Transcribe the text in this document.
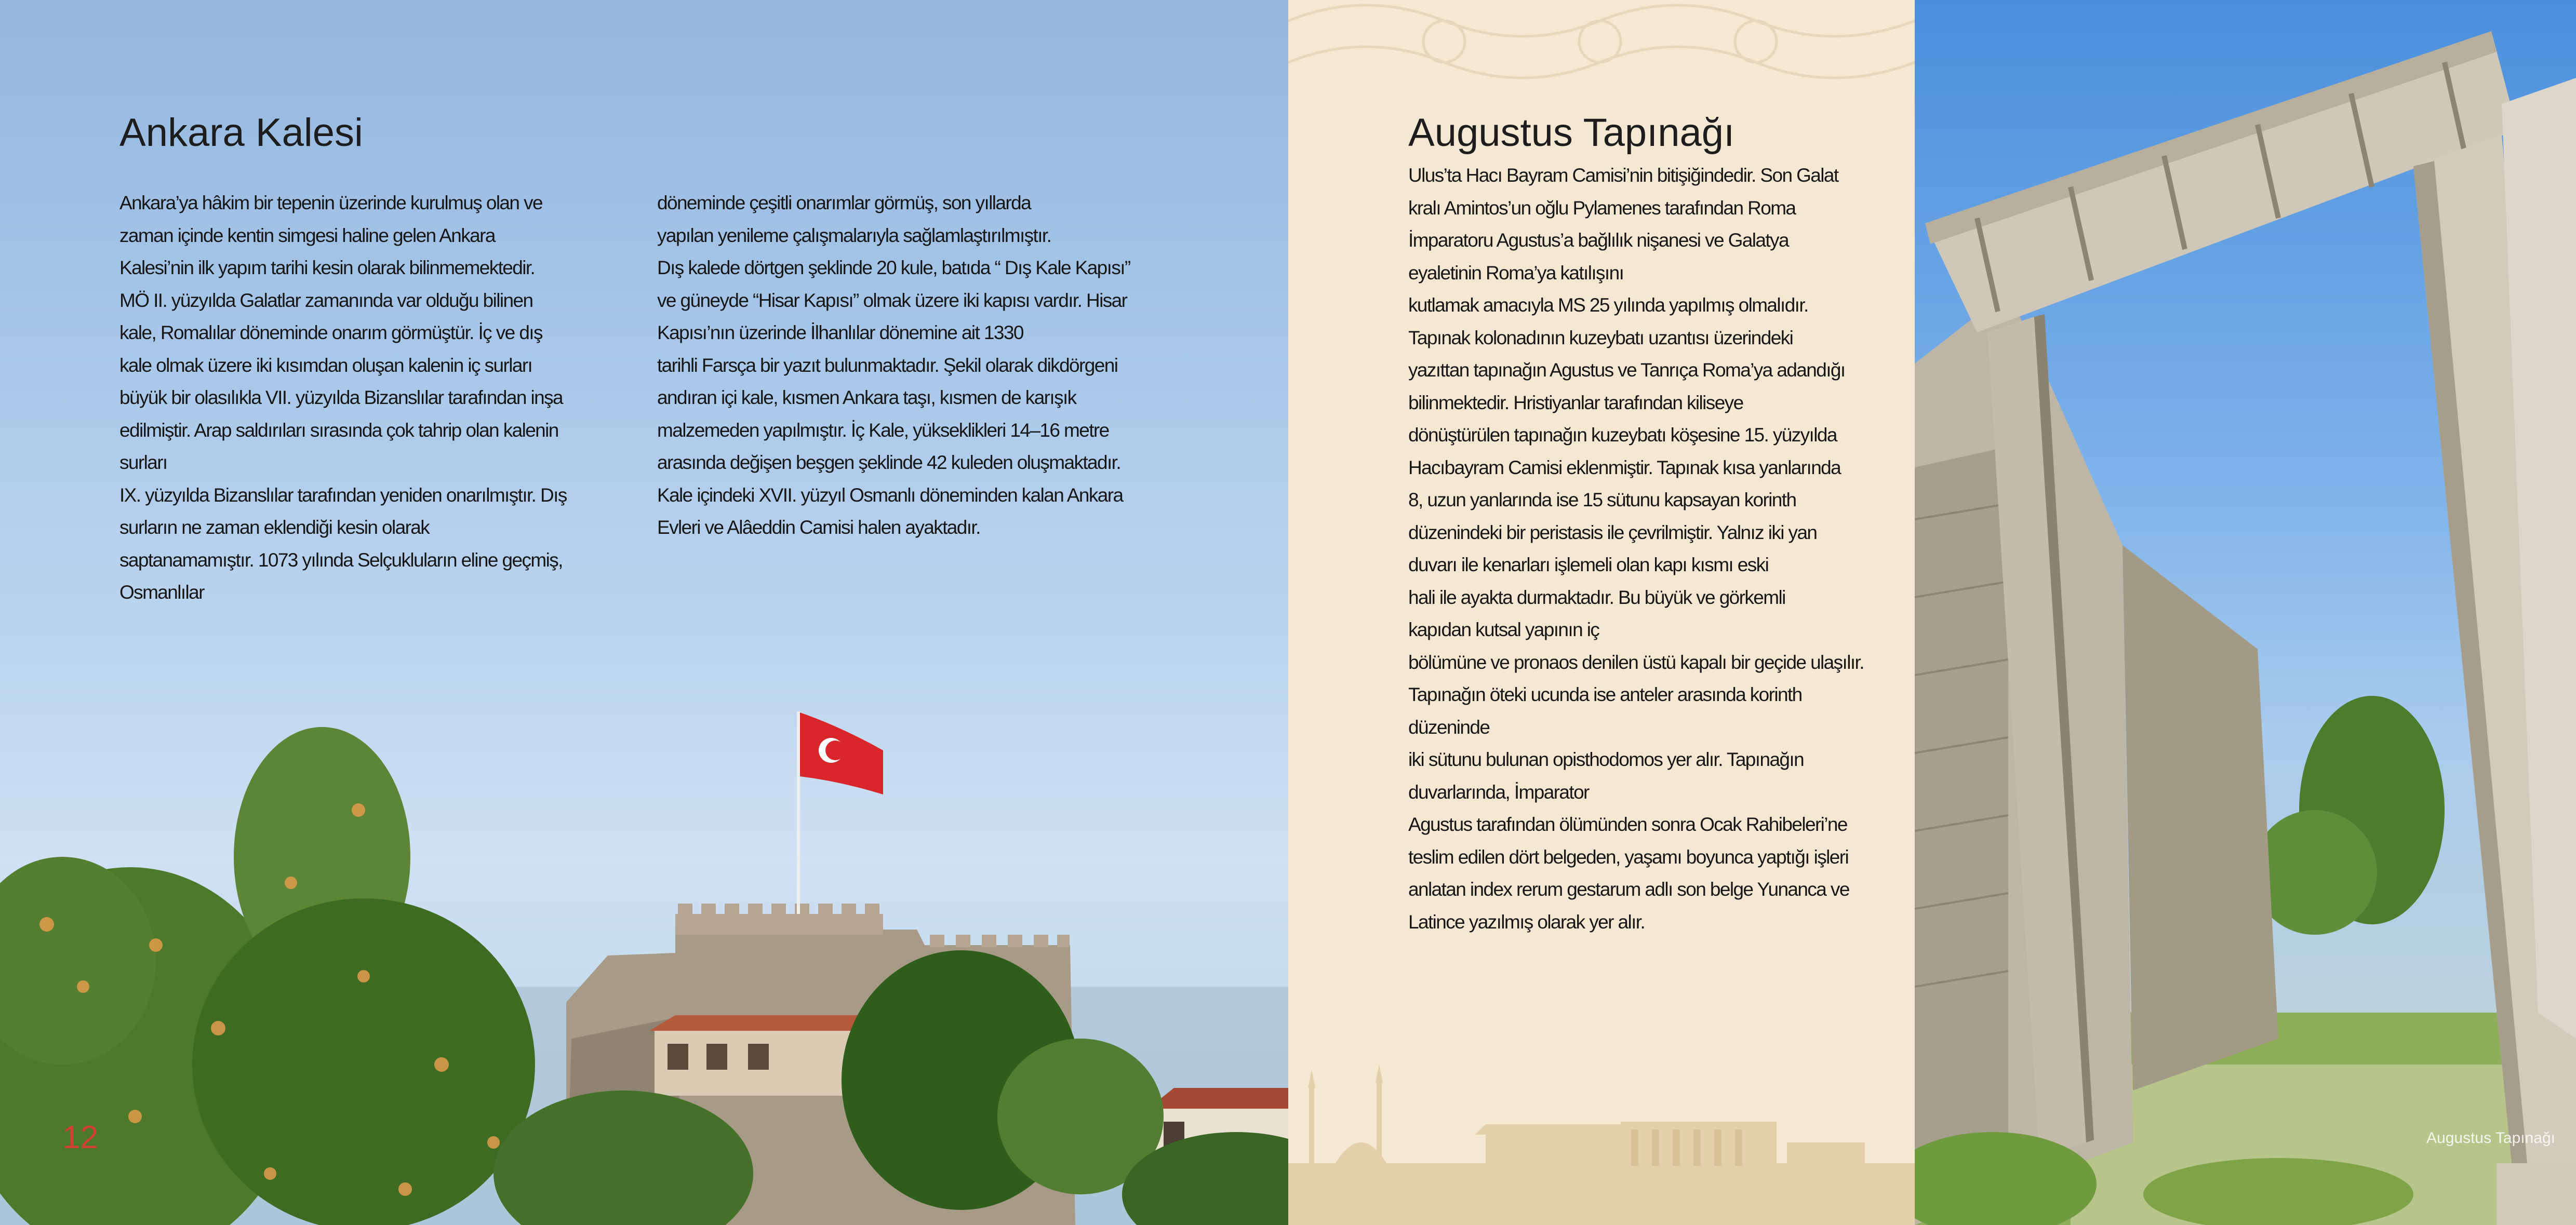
Ankara Kalesi

Ankara’ya hâkim bir tepenin üzerinde kurulmuş olan ve

zaman içinde kentin simgesi haline gelen Ankara

Kalesi’nin ilk yapım tarihi kesin olarak bilinmemektedir.

MÖ II. yüzyılda Galatlar zamanında var olduğu bilinen

kale, Romalılar döneminde onarım görmüştür. İç ve dış

kale olmak üzere iki kısımdan oluşan kalenin iç surları

büyük bir olasılıkla VII. yüzyılda Bizanslılar tarafından inşa

edilmiştir. Arap saldırıları sırasında çok tahrip olan kalenin

surları

IX. yüzyılda Bizanslılar tarafından yeniden onarılmıştır. Dış

surların ne zaman eklendiği kesin olarak

saptanamamıştır. 1073 yılında Selçukluların eline geçmiş,

Osmanlılar

döneminde çeşitli onarımlar görmüş, son yıllarda

yapılan yenileme çalışmalarıyla sağlamlaştırılmıştır.

Dış kalede dörtgen şeklinde 20 kule, batıda “ Dış Kale Kapısı”

ve güneyde “Hisar Kapısı” olmak üzere iki kapısı vardır. Hisar

Kapısı’nın üzerinde İlhanlılar dönemine ait 1330

tarihli Farsça bir yazıt bulunmaktadır. Şekil olarak dikdörgeni

andıran içi kale, kısmen Ankara taşı, kısmen de karışık

malzemeden yapılmıştır. İç Kale, yükseklikleri 14–16 metre

arasında değişen beşgen şeklinde 42 kuleden oluşmaktadır.

Kale içindeki XVII. yüzyıl Osmanlı döneminden kalan Ankara

Evleri ve Alâeddin Camisi halen ayaktadır.

12
Augustus Tapınağı

Ulus’ta Hacı Bayram Camisi’nin bitişiğindedir. Son Galat

kralı Amintos’un oğlu Pylamenes tarafından Roma

İmparatoru Agustus’a bağlılık nişanesi ve Galatya

eyaletinin Roma’ya katılışını

kutlamak amacıyla MS 25 yılında yapılmış olmalıdır.

Tapınak kolonadının kuzeybatı uzantısı üzerindeki

yazıttan tapınağın Agustus ve Tanrıça Roma’ya adandığı

bilinmektedir. Hristiyanlar tarafından kiliseye

dönüştürülen tapınağın kuzeybatı köşesine 15. yüzyılda

Hacıbayram Camisi eklenmiştir. Tapınak kısa yanlarında

8, uzun yanlarında ise 15 sütunu kapsayan korinth

düzenindeki bir peristasis ile çevrilmiştir. Yalnız iki yan

duvarı ile kenarları işlemeli olan kapı kısmı eski

hali ile ayakta durmaktadır. Bu büyük ve görkemli

kapıdan kutsal yapının iç

bölümüne ve pronaos denilen üstü kapalı bir geçide ulaşılır.

Tapınağın öteki ucunda ise anteler arasında korinth

düzeninde

iki sütunu bulunan opisthodomos yer alır. Tapınağın

duvarlarında, İmparator

Agustus tarafından ölümünden sonra Ocak Rahibeleri’ne

teslim edilen dört belgeden, yaşamı boyunca yaptığı işleri

anlatan index rerum gestarum adlı son belge Yunanca ve

Latince yazılmış olarak yer alır.

Augustus Tapınağı
